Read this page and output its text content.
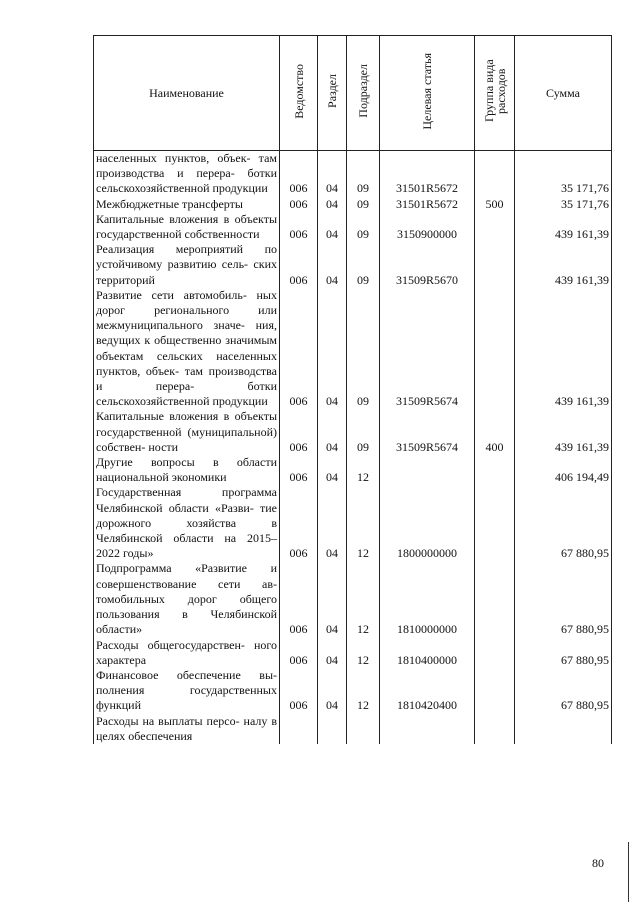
Наименование	Ведомство	Раздел	Подраздел	Целевая статья	Группа вида расходов	Сумма
населенных пунктов, объек- там производства и перера- ботки сельскохозяйственной продукции	006	04	09	31501R5672		35 171,76
Межбюджетные трансферты	006	04	09	31501R5672	500	35 171,76
Капитальные вложения в объекты государственной собственности	006	04	09	3150900000		439 161,39
Реализация мероприятий по устойчивому развитию сель- ских территорий	006	04	09	31509R5670		439 161,39
Развитие сети автомобиль- ных дорог регионального или межмуниципального значе- ния, ведущих к общественно значимым объектам сельских населенных пунктов, объек- там производства и перера- ботки сельскохозяйственной продукции	006	04	09	31509R5674		439 161,39
Капитальные вложения в объекты государственной (муниципальной) собствен- ности	006	04	09	31509R5674	400	439 161,39
Другие вопросы в области национальной экономики	006	04	12			406 194,49
Государственная программа Челябинской области «Разви- тие дорожного хозяйства в Челябинской области на 2015–2022 годы»	006	04	12	1800000000		67 880,95
Подпрограмма «Развитие и совершенствование сети ав- томобильных дорог общего пользования в Челябинской области»	006	04	12	1810000000		67 880,95
Расходы общегосударствен- ного характера	006	04	12	1810400000		67 880,95
Финансовое обеспечение вы- полнения государственных функций	006	04	12	1810420400		67 880,95
Расходы на выплаты персо- налу в целях обеспечения						
80
